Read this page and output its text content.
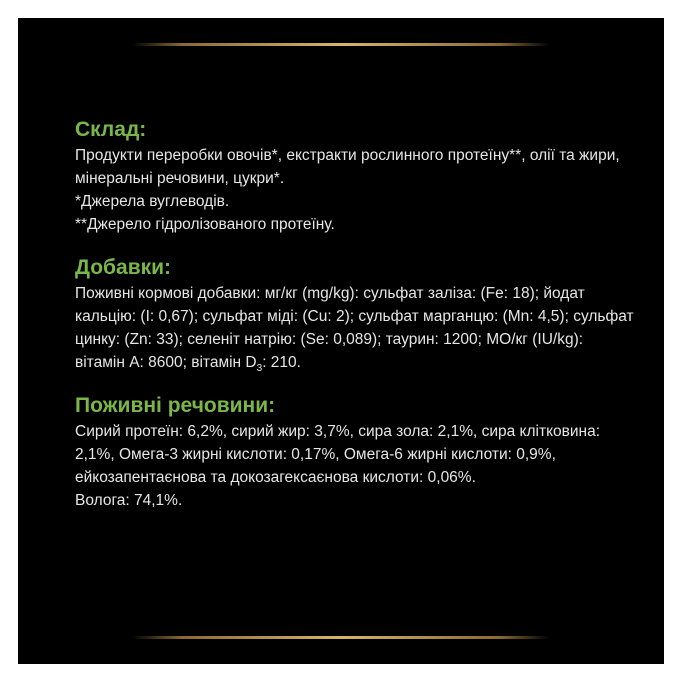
Склад:

Продукти переробки овочів*, екстракти рослинного протеїну**, олії та жири, мінеральні речовини, цукри*.

*Джерела вуглеводів.

**Джерело гідролізованого протеїну.

Добавки:

Поживні кормові добавки: мг/кг (mg/kg): сульфат заліза: (Fe: 18); йодат кальцію: (I: 0,67); сульфат міді: (Cu: 2); сульфат марганцю: (Mn: 4,5); сульфат цинку: (Zn: 33); селеніт натрію: (Se: 0,089); таурин: 1200; МО/кг (IU/kg): вітамін А: 8600; вітамін $D_3$: 210.

Поживні речовини:

Сирий протеїн: 6,2%, сирий жир: 3,7%, сира зола: 2,1%, сира клітковина: 2,1%, Омега-3 жирні кислоти: 0,17%, Омега-6 жирні кислоти: 0,9%, ейкозапентаєнова та докозагексаєнова кислоти: 0,06%.

Волога: 74,1%.
